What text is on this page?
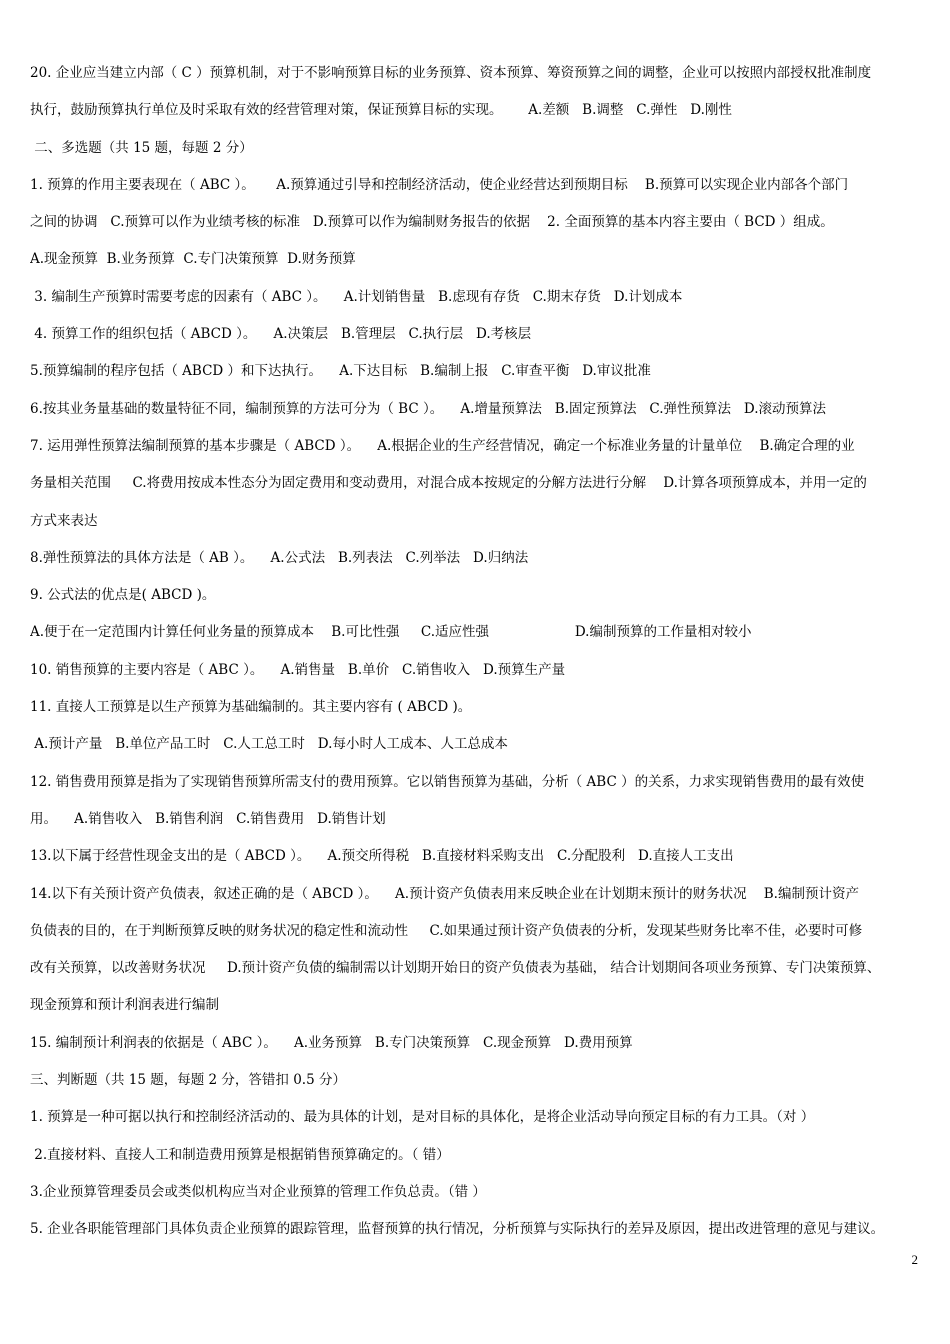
20. 企业应当建立内部（ C ）预算机制，对于不影响预算目标的业务预算、资本预算、筹资预算之间的调整，企业可以按照内部授权批准制度
执行，鼓励预算执行单位及时采取有效的经营管理对策，保证预算目标的实现。      A.差额   B.调整   C.弹性   D.刚性
二、多选题（共 15 题，每题 2 分）
1. 预算的作用主要表现在（ ABC ）。     A.预算通过引导和控制经济活动，使企业经营达到预期目标    B.预算可以实现企业内部各个部门
之间的协调   C.预算可以作为业绩考核的标准   D.预算可以作为编制财务报告的依据    2. 全面预算的基本内容主要由（ BCD ）组成。
A.现金预算  B.业务预算  C.专门决策预算  D.财务预算
3. 编制生产预算时需要考虑的因素有（ ABC ）。    A.计划销售量   B.虑现有存货   C.期末存货   D.计划成本
4. 预算工作的组织包括（ ABCD ）。    A.决策层   B.管理层   C.执行层   D.考核层
5.预算编制的程序包括（ ABCD ）和下达执行。    A.下达目标   B.编制上报   C.审查平衡   D.审议批准
6.按其业务量基础的数量特征不同，编制预算的方法可分为（ BC ）。    A.增量预算法   B.固定预算法   C.弹性预算法   D.滚动预算法
7. 运用弹性预算法编制预算的基本步骤是（ ABCD ）。    A.根据企业的生产经营情况，确定一个标准业务量的计量单位    B.确定合理的业
务量相关范围     C.将费用按成本性态分为固定费用和变动费用，对混合成本按规定的分解方法进行分解    D.计算各项预算成本，并用一定的
方式来表达
8.弹性预算法的具体方法是（ AB ）。    A.公式法   B.列表法   C.列举法   D.归纳法
9. 公式法的优点是( ABCD )。
A.便于在一定范围内计算任何业务量的预算成本    B.可比性强     C.适应性强                    D.编制预算的工作量相对较小
10. 销售预算的主要内容是（ ABC ）。    A.销售量   B.单价   C.销售收入   D.预算生产量
11. 直接人工预算是以生产预算为基础编制的。其主要内容有 ( ABCD )。
A.预计产量   B.单位产品工时   C.人工总工时   D.每小时人工成本、人工总成本
12. 销售费用预算是指为了实现销售预算所需支付的费用预算。它以销售预算为基础，分析（ ABC ）的关系，力求实现销售费用的最有效使
用。    A.销售收入   B.销售利润   C.销售费用   D.销售计划
13.以下属于经营性现金支出的是（ ABCD ）。    A.预交所得税   B.直接材料采购支出   C.分配股利   D.直接人工支出
14.以下有关预计资产负债表，叙述正确的是（ ABCD ）。    A.预计资产负债表用来反映企业在计划期末预计的财务状况    B.编制预计资产
负债表的目的，在于判断预算反映的财务状况的稳定性和流动性     C.如果通过预计资产负债表的分析，发现某些财务比率不佳，必要时可修
改有关预算，以改善财务状况     D.预计资产负债的编制需以计划期开始日的资产负债表为基础， 结合计划期间各项业务预算、专门决策预算、
现金预算和预计利润表进行编制
15. 编制预计利润表的依据是（ ABC ）。    A.业务预算   B.专门决策预算   C.现金预算   D.费用预算
三、判断题（共 15 题，每题 2 分，答错扣 0.5 分）
1. 预算是一种可据以执行和控制经济活动的、最为具体的计划，是对目标的具体化，是将企业活动导向预定目标的有力工具。（对 ）
2.直接材料、直接人工和制造费用预算是根据销售预算确定的。（ 错）
3.企业预算管理委员会或类似机构应当对企业预算的管理工作负总责。（错 ）
5. 企业各职能管理部门具体负责企业预算的跟踪管理，监督预算的执行情况，分析预算与实际执行的差异及原因，提出改进管理的意见与建议。
2
